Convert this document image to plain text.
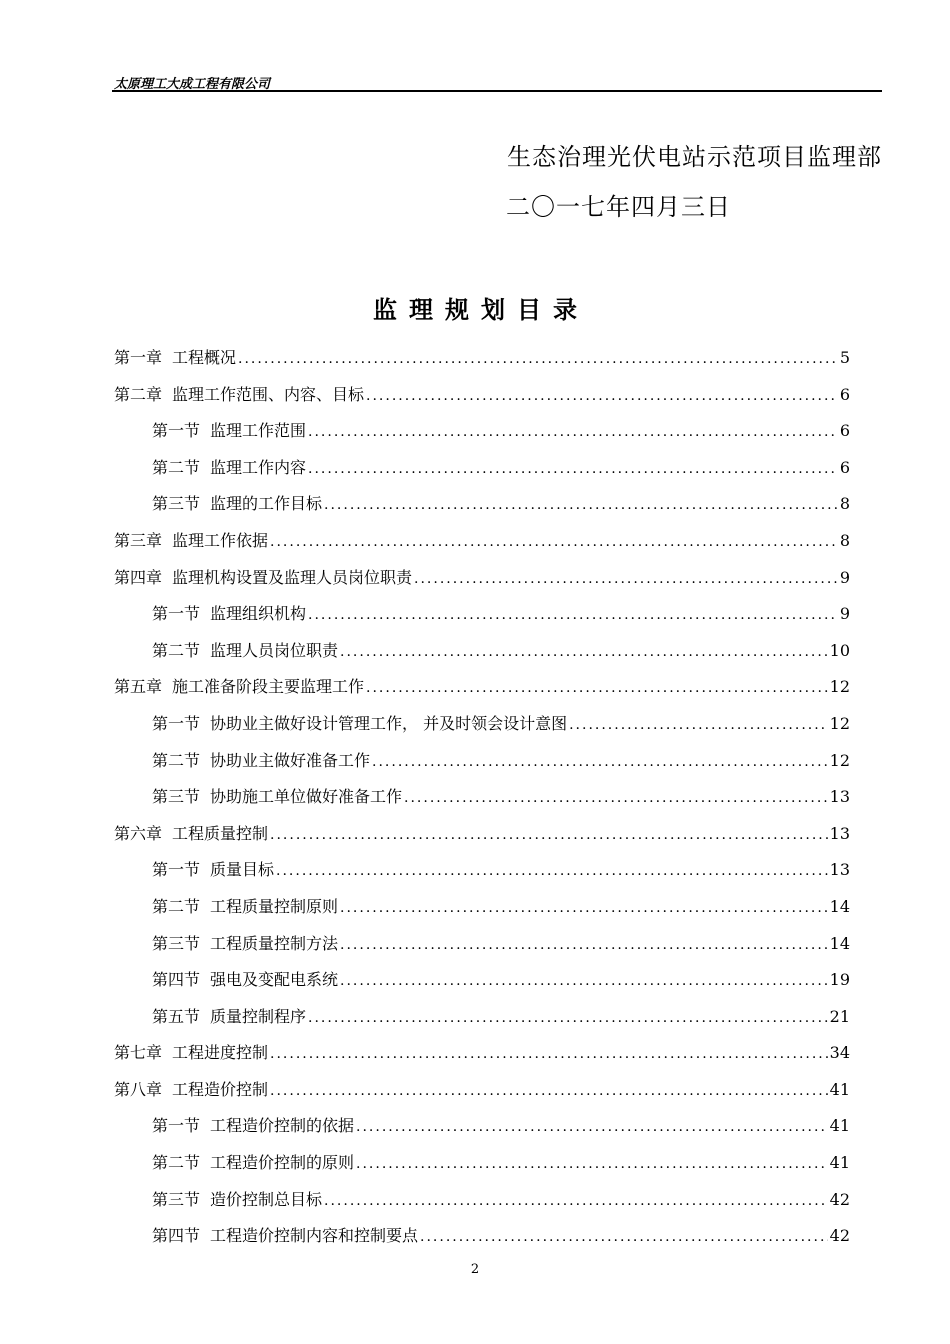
太原理工大成工程有限公司
生态治理光伏电站示范项目监理部
二〇一七年四月三日
监理规划目录
第一章 工程概况 .....	5
第二章 监理工作范围、内容、目标 .....	6
第一节 监理工作范围 .....	6
第二节 监理工作内容 .....	6
第三节 监理的工作目标 .....	8
第三章 监理工作依据 .....	8
第四章 监理机构设置及监理人员岗位职责 .....	9
第一节 监理组织机构 .....	9
第二节 监理人员岗位职责 .....	10
第五章 施工准备阶段主要监理工作 .....	12
第一节 协助业主做好设计管理工作， 并及时领会设计意图 .....	12
第二节 协助业主做好准备工作 .....	12
第三节 协助施工单位做好准备工作 .....	13
第六章 工程质量控制 .....	13
第一节 质量目标 .....	13
第二节 工程质量控制原则 .....	14
第三节 工程质量控制方法 .....	14
第四节 强电及变配电系统 .....	19
第五节 质量控制程序 .....	21
第七章 工程进度控制 .....	34
第八章 工程造价控制 .....	41
第一节 工程造价控制的依据 .....	41
第二节 工程造价控制的原则 .....	41
第三节 造价控制总目标 .....	42
第四节 工程造价控制内容和控制要点 .....	42
2
